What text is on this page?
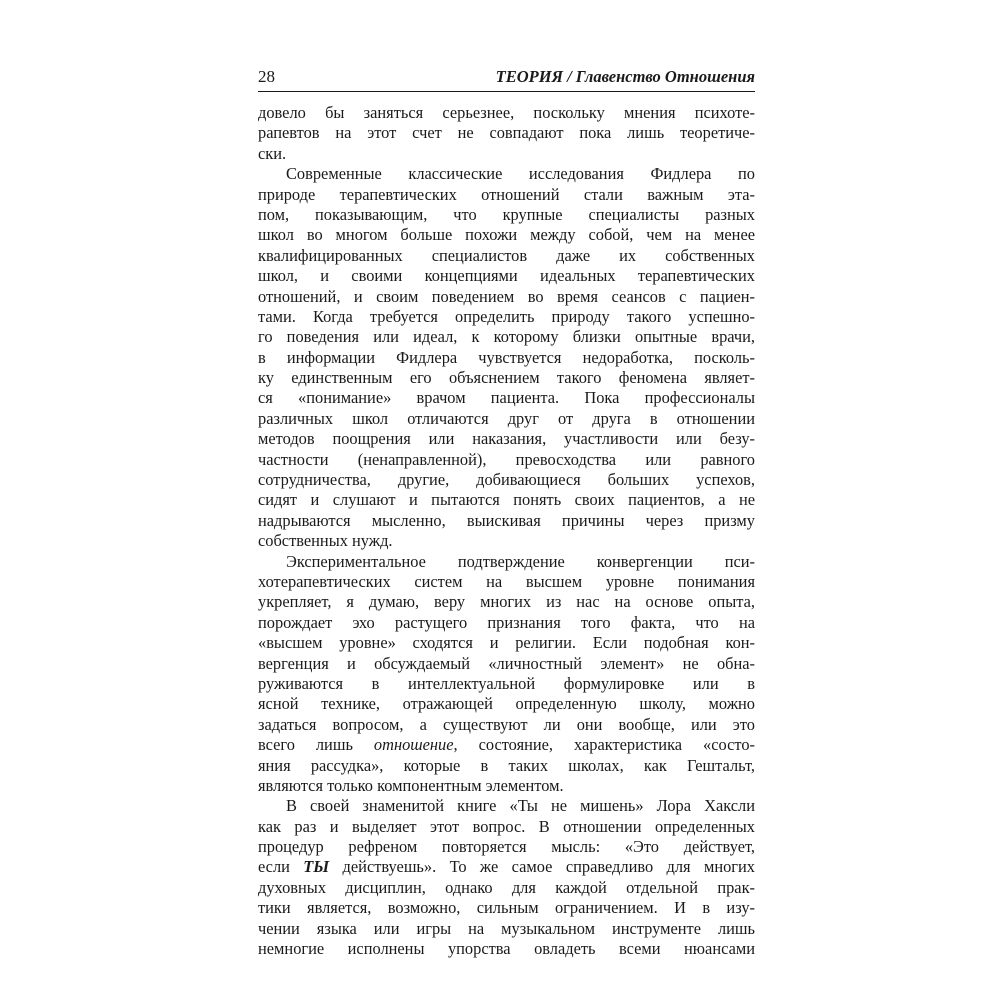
28	ТЕОРИЯ / Главенство Отношения
довело бы заняться серьезнее, поскольку мнения психоте-
рапевтов на этот счет не совпадают пока лишь теоретиче-
ски.
Современные классические исследования Фидлера по
природе терапевтических отношений стали важным эта-
пом, показывающим, что крупные специалисты разных
школ во многом больше похожи между собой, чем на менее
квалифицированных специалистов даже их собственных
школ, и своими концепциями идеальных терапевтических
отношений, и своим поведением во время сеансов с пациен-
тами. Когда требуется определить природу такого успешно-
го поведения или идеал, к которому близки опытные врачи,
в информации Фидлера чувствуется недоработка, посколь-
ку единственным его объяснением такого феномена являет-
ся «понимание» врачом пациента. Пока профессионалы
различных школ отличаются друг от друга в отношении
методов поощрения или наказания, участливости или безу-
частности (ненаправленной), превосходства или равного
сотрудничества, другие, добивающиеся больших успехов,
сидят и слушают и пытаются понять своих пациентов, а не
надрываются мысленно, выискивая причины через призму
собственных нужд.
Экспериментальное подтверждение конвергенции пси-
хотерапевтических систем на высшем уровне понимания
укрепляет, я думаю, веру многих из нас на основе опыта,
порождает эхо растущего признания того факта, что на
«высшем уровне» сходятся и религии. Если подобная кон-
вергенция и обсуждаемый «личностный элемент» не обна-
руживаются в интеллектуальной формулировке или в
ясной технике, отражающей определенную школу, можно
задаться вопросом, а существуют ли они вообще, или это
всего лишь отношение, состояние, характеристика «состо-
яния рассудка», которые в таких школах, как Гештальт,
являются только компонентным элементом.
В своей знаменитой книге «Ты не мишень» Лора Хаксли
как раз и выделяет этот вопрос. В отношении определенных
процедур рефреном повторяется мысль: «Это действует,
если ТЫ действуешь». То же самое справедливо для многих
духовных дисциплин, однако для каждой отдельной прак-
тики является, возможно, сильным ограничением. И в изу-
чении языка или игры на музыкальном инструменте лишь
немногие исполнены упорства овладеть всеми нюансами
